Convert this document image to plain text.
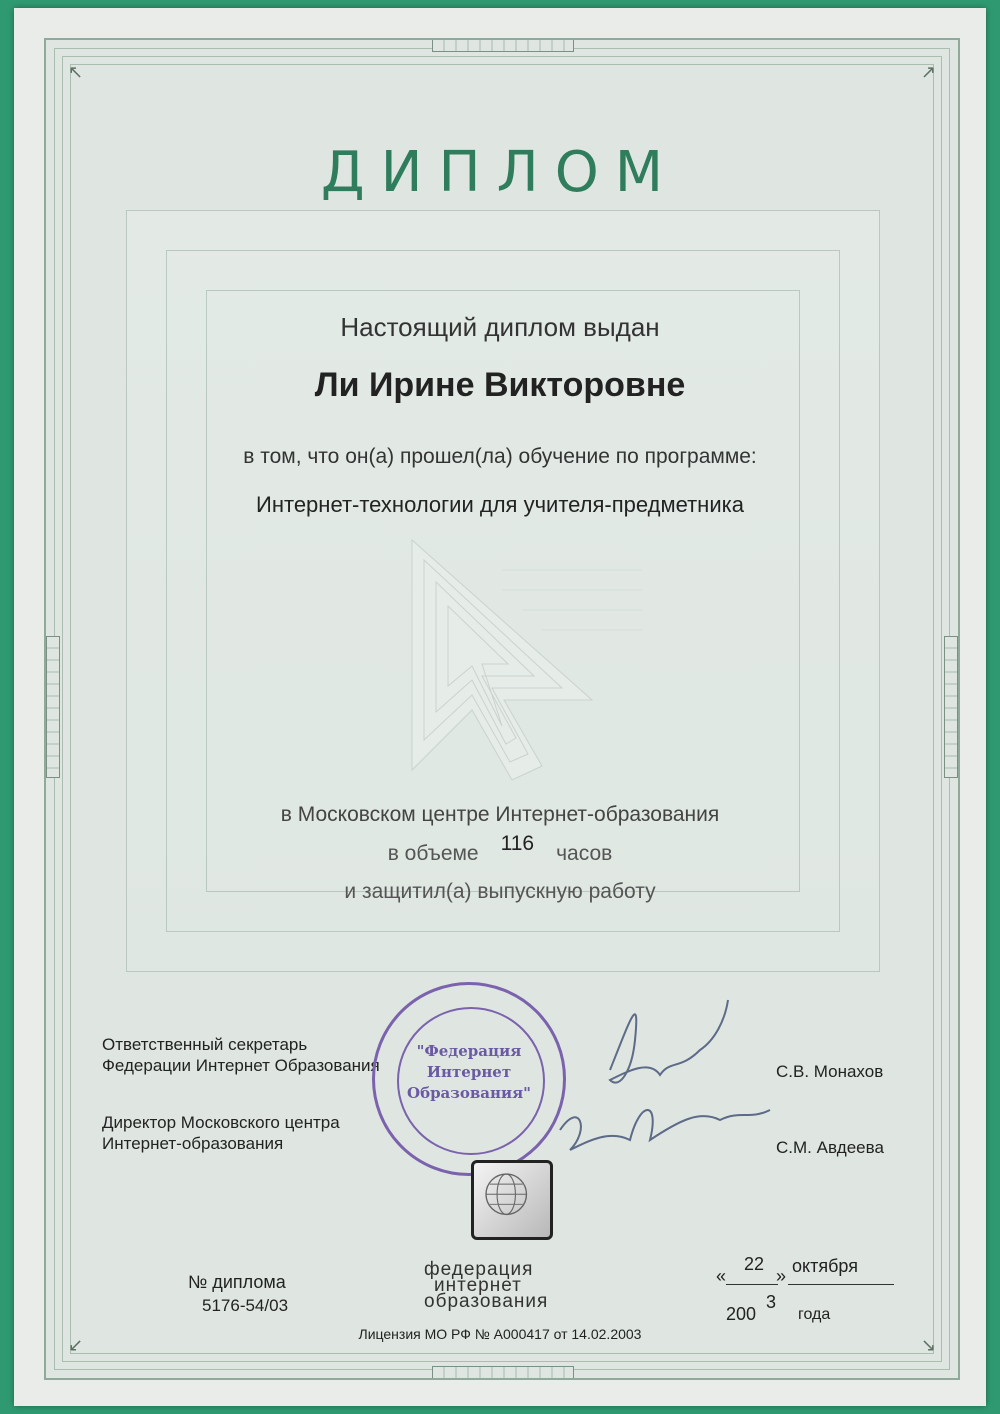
↖	↗
↙	↘
ДИПЛОМ
Настоящий диплом выдан
Ли Ирине Викторовне
в том, что он(а) прошел(ла) обучение по программе:
Интернет-технологии для учителя-предметника
в Московском центре Интернет-образования
в объеме 116 часов
и защитил(а) выпускную работу
Ответственный секретарь
Федерации Интернет Образования	С.В. Монахов
Директор Московского центра
Интернет-образования	С.М. Авдеева
"Федерация
Интернет
Образования"
федерация
интернет
образования
Лицензия МО РФ № А000417 от 14.02.2003
№ диплома
5176-54/03
«
22
» октября
200
3
года
